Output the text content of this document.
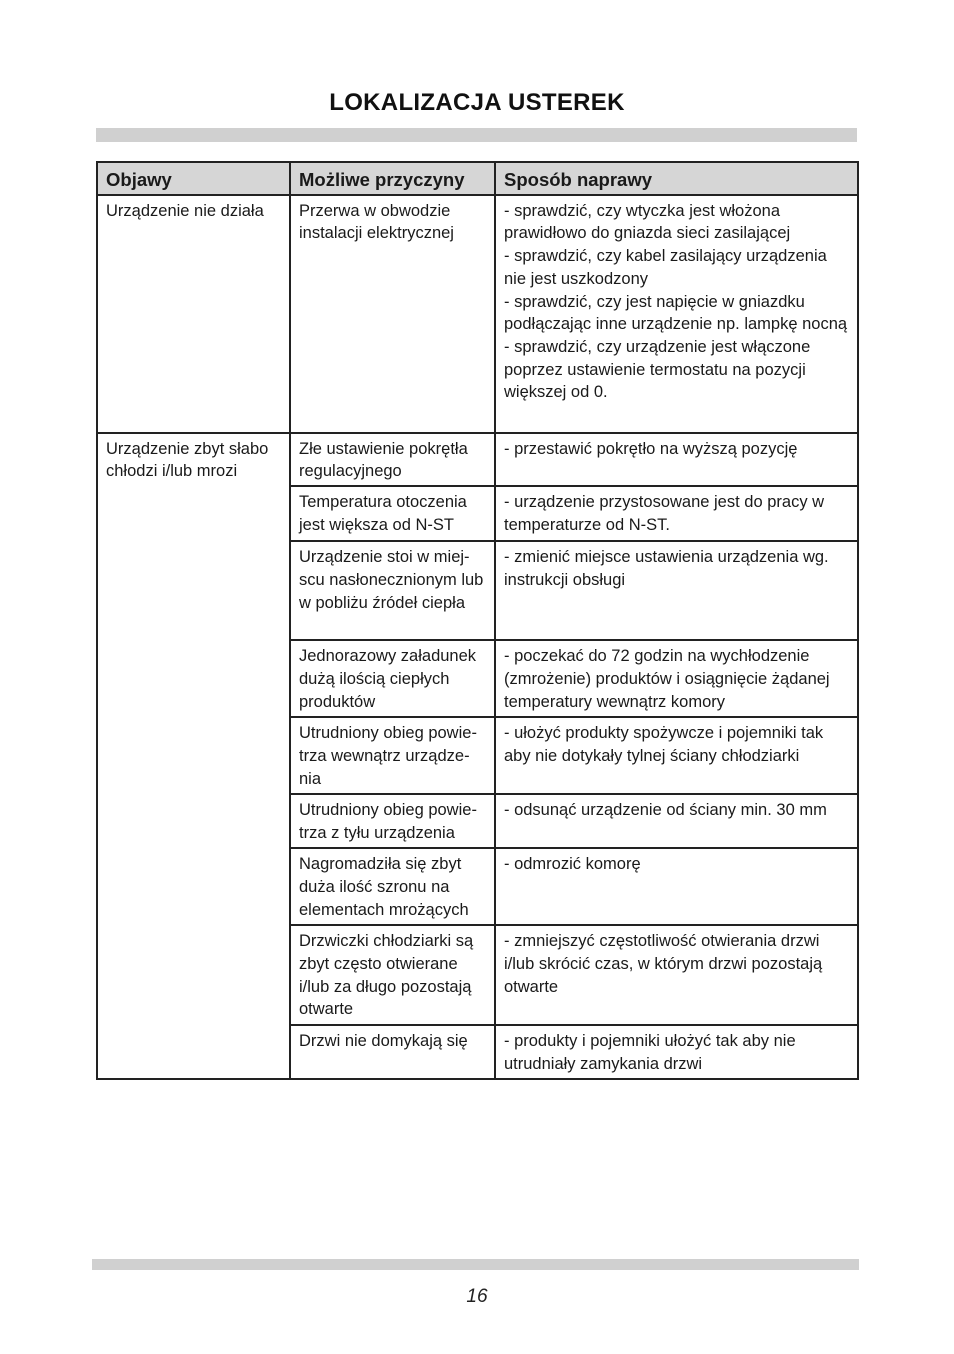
LOKALIZACJA USTEREK
Objawy	Możliwe przyczyny	Sposób naprawy
Urządzenie nie działa	Przerwa w obwodzie instalacji elektrycznej	- sprawdzić, czy wtyczka jest włożona prawidłowo do gniazda sieci zasilającej
- sprawdzić, czy kabel zasilający urządzenia nie jest uszkodzony
- sprawdzić, czy jest napięcie w gniazdku podłączając inne urządzenie np. lampkę nocną
- sprawdzić, czy urządzenie jest włączone poprzez ustawienie termostatu na pozycji większej od 0.
Urządzenie zbyt słabo
chłodzi i/lub mrozi	Złe ustawienie pokrętła regulacyjnego	- przestawić pokrętło na wyższą pozycję
	Temperatura otoczenia jest większa od N-ST	- urządzenie przystosowane jest do pracy w temperaturze od N-ST.
	Urządzenie stoi w miej-scu nasłonecznionym lub w pobliżu źródeł ciepła	- zmienić miejsce ustawienia urządzenia wg. instrukcji obsługi
	Jednorazowy załadunek dużą ilością ciepłych produktów	- poczekać do 72 godzin na wychłodzenie (zmrożenie) produktów i osiągnięcie żądanej temperatury wewnątrz komory
	Utrudniony obieg powie-trza wewnątrz urządze-nia	- ułożyć produkty spożywcze i pojemniki tak aby nie dotykały tylnej ściany chłodziarki
	Utrudniony obieg powie-trza z tyłu urządzenia	- odsunąć urządzenie od ściany min. 30 mm
	Nagromadziła się zbyt duża ilość szronu na elementach mrożących	- odmrozić komorę
	Drzwiczki chłodziarki są zbyt często otwierane i/lub za długo pozostają otwarte	- zmniejszyć częstotliwość otwierania drzwi i/lub skrócić czas, w którym drzwi pozostają otwarte
	Drzwi nie domykają się	- produkty i pojemniki ułożyć tak aby nie utrudniały zamykania drzwi
16
